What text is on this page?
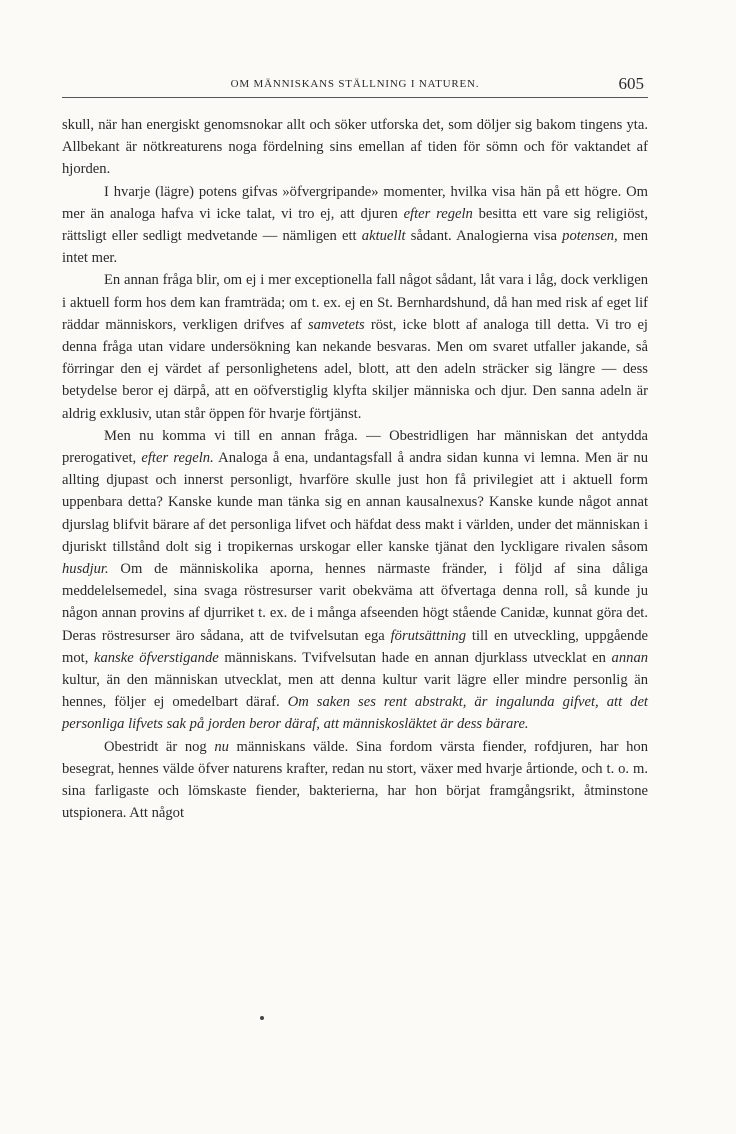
OM MÄNNISKANS STÄLLNING I NATUREN.	605

skull, när han energiskt genomsnokar allt och söker utforska det, som döljer sig bakom tingens yta. Allbekant är nötkreaturens noga fördelning sins emellan af tiden för sömn och för vaktandet af hjorden.

I hvarje (lägre) potens gifvas »öfvergripande» momenter, hvilka visa hän på ett högre. Om mer än analoga hafva vi icke talat, vi tro ej, att djuren efter regeln besitta ett vare sig religiöst, rättsligt eller sedligt medvetande — nämligen ett aktuellt sådant. Analogierna visa potensen, men intet mer.

En annan fråga blir, om ej i mer exceptionella fall något sådant, låt vara i låg, dock verkligen i aktuell form hos dem kan framträda; om t. ex. ej en St. Bernhardshund, då han med risk af eget lif räddar människors, verkligen drifves af samvetets röst, icke blott af analoga till detta. Vi tro ej denna fråga utan vidare undersökning kan nekande besvaras. Men om svaret utfaller jakande, så förringar den ej värdet af personlighetens adel, blott, att den adeln sträcker sig längre — dess betydelse beror ej därpå, att en oöfverstiglig klyfta skiljer människa och djur. Den sanna adeln är aldrig exklusiv, utan står öppen för hvarje förtjänst.

Men nu komma vi till en annan fråga. — Obestridligen har människan det antydda prerogativet, efter regeln. Analoga å ena, undantagsfall å andra sidan kunna vi lemna. Men är nu allting djupast och innerst personligt, hvarföre skulle just hon få privilegiet att i aktuell form uppenbara detta? Kanske kunde man tänka sig en annan kausalnexus? Kanske kunde något annat djurslag blifvit bärare af det personliga lifvet och häfdat dess makt i världen, under det människan i djuriskt tillstånd dolt sig i tropikernas urskogar eller kanske tjänat den lyckligare rivalen såsom husdjur. Om de människolika aporna, hennes närmaste fränder, i följd af sina dåliga meddelelsemedel, sina svaga röstresurser varit obekväma att öfvertaga denna roll, så kunde ju någon annan provins af djurriket t. ex. de i många afseenden högt stående Canidæ, kunnat göra det. Deras röstresurser äro sådana, att de tvifvelsutan ega förutsättning till en utveckling, uppgående mot, kanske öfverstigande människans. Tvifvelsutan hade en annan djurklass utvecklat en annan kultur, än den människan utvecklat, men att denna kultur varit lägre eller mindre personlig än hennes, följer ej omedelbart däraf. Om saken ses rent abstrakt, är ingalunda gifvet, att det personliga lifvets sak på jorden beror däraf, att människosläktet är dess bärare.

Obestridt är nog nu människans välde. Sina fordom värsta fiender, rofdjuren, har hon besegrat, hennes välde öfver naturens krafter, redan nu stort, växer med hvarje årtionde, och t. o. m. sina farligaste och lömskaste fiender, bakterierna, har hon börjat framgångsrikt, åtminstone utspionera. Att något
